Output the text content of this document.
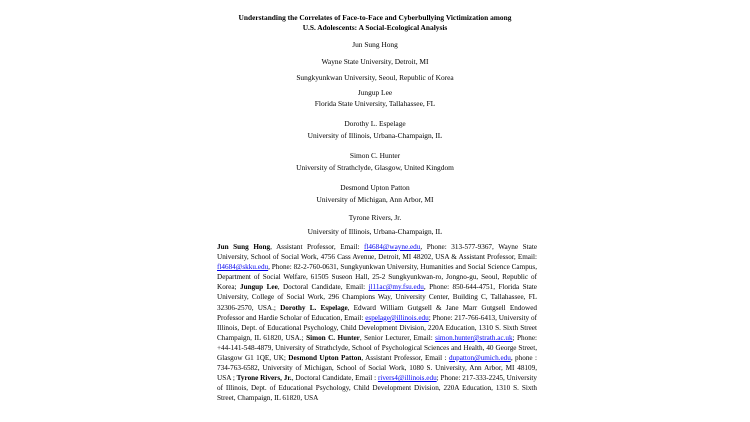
Understanding the Correlates of Face-to-Face and Cyberbullying Victimization among
U.S. Adolescents: A Social-Ecological Analysis
Jun Sung Hong
Wayne State University, Detroit, MI
Sungkyunkwan University, Seoul, Republic of Korea
Jungup Lee
Florida State University, Tallahassee, FL
Dorothy L. Espelage
University of Illinois, Urbana-Champaign, IL
Simon C. Hunter
University of Strathclyde, Glasgow, United Kingdom
Desmond Upton Patton
University of Michigan, Ann Arbor, MI
Tyrone Rivers, Jr.
University of Illinois, Urbana-Champaign, IL
Jun Sung Hong, Assistant Professor, Email: fl4684@wayne.edu, Phone: 313-577-9367, Wayne State University, School of Social Work, 4756 Cass Avenue, Detroit, MI 48202, USA & Assistant Professor, Email: fl4684@skku.edu, Phone: 82-2-760-0631, Sungkyunkwan University, Humanities and Social Science Campus, Department of Social Welfare, 61505 Suseon Hall, 25-2 Sungkyunkwan-ro, Jongno-gu, Seoul, Republic of Korea; Jungup Lee, Doctoral Candidate, Email: jl11ac@my.fsu.edu, Phone: 850-644-4751, Florida State University, College of Social Work, 296 Champions Way, University Center, Building C, Tallahassee, FL 32306-2570, USA.; Dorothy L. Espelage, Edward William Gutgsell & Jane Marr Gutgsell Endowed Professor and Hardie Scholar of Education, Email: espelage@illinois.edu; Phone: 217-766-6413, University of Illinois, Dept. of Educational Psychology, Child Development Division, 220A Education, 1310 S. Sixth Street Champaign, IL 61820, USA.; Simon C. Hunter, Senior Lecturer, Email: simon.hunter@strath.ac.uk; Phone: +44-141-548-4879, University of Strathclyde, School of Psychological Sciences and Health, 40 George Street, Glasgow G1 1QE, UK; Desmond Upton Patton, Assistant Professor, Email : dupatton@umich.edu, phone : 734-763-6582, University of Michigan, School of Social Work, 1080 S. University, Ann Arbor, MI 48109, USA ; Tyrone Rivers, Jr., Doctoral Candidate, Email : rivers4@illinois.edu; Phone: 217-333-2245, University of Illinois, Dept. of Educational Psychology, Child Development Division, 220A Education, 1310 S. Sixth Street, Champaign, IL 61820, USA
